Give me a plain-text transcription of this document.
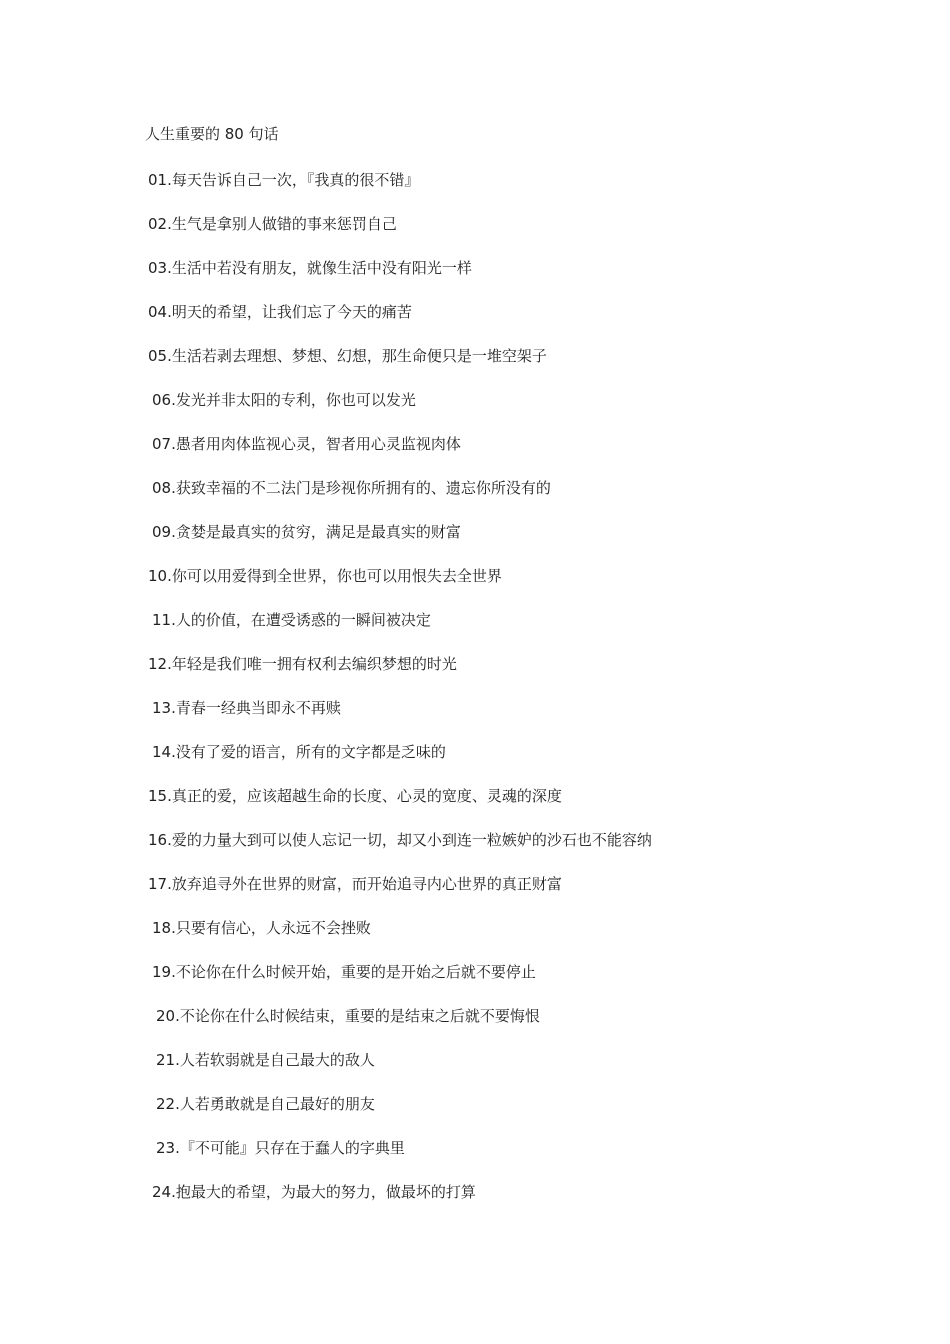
人生重要的 80 句话
01.每天告诉自己一次，『我真的很不错』
02.生气是拿别人做错的事来惩罚自己
03.生活中若没有朋友，就像生活中没有阳光一样
04.明天的希望，让我们忘了今天的痛苦
05.生活若剥去理想、梦想、幻想，那生命便只是一堆空架子
06.发光并非太阳的专利，你也可以发光
07.愚者用肉体监视心灵，智者用心灵监视肉体
08.获致幸福的不二法门是珍视你所拥有的、遗忘你所没有的
09.贪婪是最真实的贫穷，满足是最真实的财富
10.你可以用爱得到全世界，你也可以用恨失去全世界
11.人的价值，在遭受诱惑的一瞬间被决定
12.年轻是我们唯一拥有权利去编织梦想的时光
13.青春一经典当即永不再赎
14.没有了爱的语言，所有的文字都是乏味的
15.真正的爱，应该超越生命的长度、心灵的宽度、灵魂的深度
16.爱的力量大到可以使人忘记一切，却又小到连一粒嫉妒的沙石也不能容纳
17.放弃追寻外在世界的财富，而开始追寻内心世界的真正财富
18.只要有信心，人永远不会挫败
19.不论你在什么时候开始，重要的是开始之后就不要停止
20.不论你在什么时候结束，重要的是结束之后就不要悔恨
21.人若软弱就是自己最大的敌人
22.人若勇敢就是自己最好的朋友
23.『不可能』只存在于蠢人的字典里
24.抱最大的希望，为最大的努力，做最坏的打算
